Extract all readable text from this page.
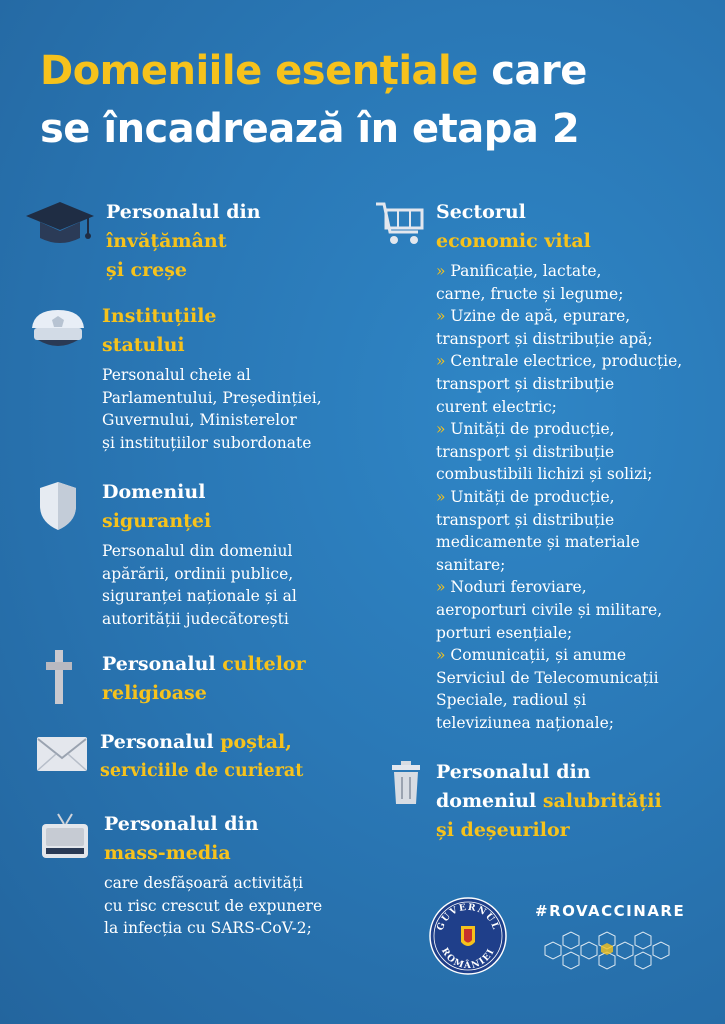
Domeniile esențiale care
se încadrează în etapa 2
Personalul din
învățământ
și creșe
Instituțiile
statului
Personalul cheie al
Parlamentului, Președinției,
Guvernului, Ministerelor
și instituțiilor subordonate
Domeniul
siguranței
Personalul din domeniul
apărării, ordinii publice,
siguranței naționale și al
autorității judecătorești
Personalul cultelor
religioase
Personalul poștal,
serviciile de curierat
Personalul din
mass-media
care desfășoară activități
cu risc crescut de expunere
la infecția cu SARS-CoV-2;
Sectorul
economic vital
» Panificație, lactate,
carne, fructe și legume;
» Uzine de apă, epurare,
transport și distribuție apă;
» Centrale electrice, producție,
transport și distribuție
curent electric;
» Unități de producție,
transport și distribuție
combustibili lichizi și solizi;
» Unități de producție,
transport și distribuție
medicamente și materiale
sanitare;
» Noduri feroviare,
aeroporturi civile și militare,
porturi esențiale;
» Comunicații, și anume
Serviciul de Telecomunicații
Speciale, radioul și
televiziunea naționale;
Personalul din
domeniul salubrității
și deșeurilor
GUVERNUL
ROMÂNIEI
#ROVACCINARE
